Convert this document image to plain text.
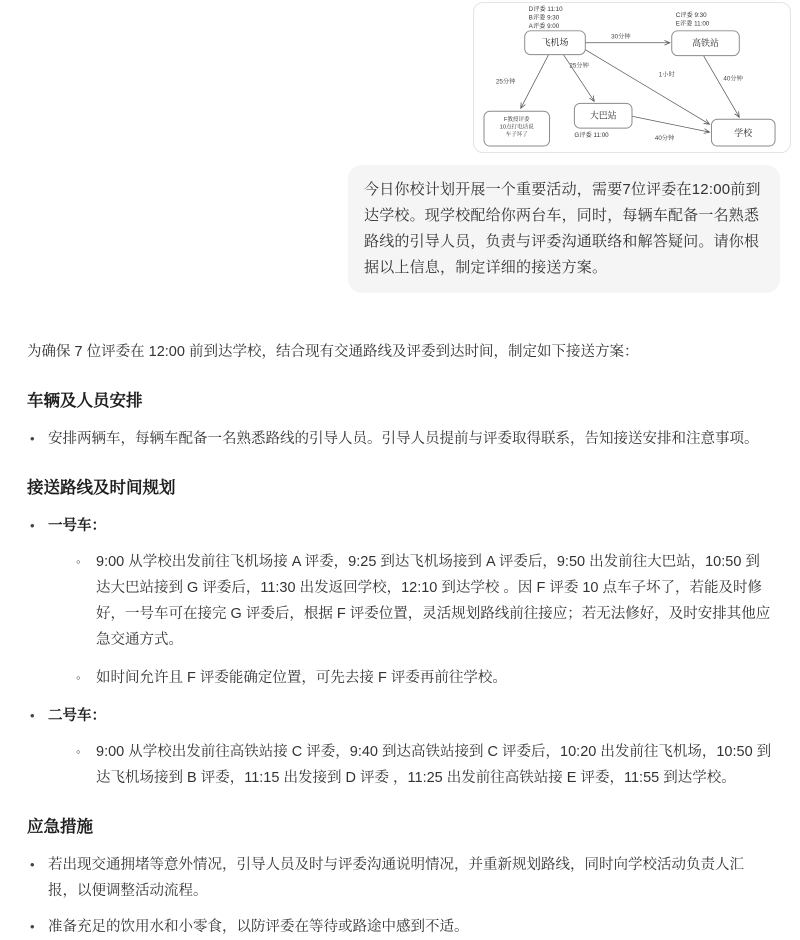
30分钟
25分钟
25分钟
1小时
40分钟
40分钟
D评委 11:10
B评委 9:30
A评委 9:00
C评委 9:30
E评委 11:00
G评委 11:00
飞机场	高铁站
大巴站
学校
F教授评委
10点打电话说
车子坏了
今日你校计划开展一个重要活动，需要7位评委在12:00前到达学校。现学校配给你两台车，同时，每辆车配备一名熟悉路线的引导人员，负责与评委沟通联络和解答疑问。请你根据以上信息，制定详细的接送方案。

为确保 7 位评委在 12:00 前到达学校，结合现有交通路线及评委到达时间，制定如下接送方案：

车辆及人员安排
• 安排两辆车，每辆车配备一名熟悉路线的引导人员。引导人员提前与评委取得联系，告知接送安排和注意事项。
接送路线及时间规划
• 一号车：
◦ 9:00 从学校出发前往飞机场接 A 评委，9:25 到达飞机场接到 A 评委后，9:50 出发前往大巴站，10:50 到达大巴站接到 G 评委后，11:30 出发返回学校，12:10 到达学校 。因 F 评委 10 点车子坏了，若能及时修好，一号车可在接完 G 评委后，根据 F 评委位置，灵活规划路线前往接应；若无法修好，及时安排其他应急交通方式。
◦ 如时间允许且 F 评委能确定位置，可先去接 F 评委再前往学校。
• 二号车：
◦ 9:00 从学校出发前往高铁站接 C 评委，9:40 到达高铁站接到 C 评委后，10:20 出发前往飞机场，10:50 到达飞机场接到 B 评委，11:15 出发接到 D 评委 ，11:25 出发前往高铁站接 E 评委，11:55 到达学校。
应急措施
• 若出现交通拥堵等意外情况，引导人员及时与评委沟通说明情况，并重新规划路线，同时向学校活动负责人汇报，以便调整活动流程。
• 准备充足的饮用水和小零食，以防评委在等待或路途中感到不适。
